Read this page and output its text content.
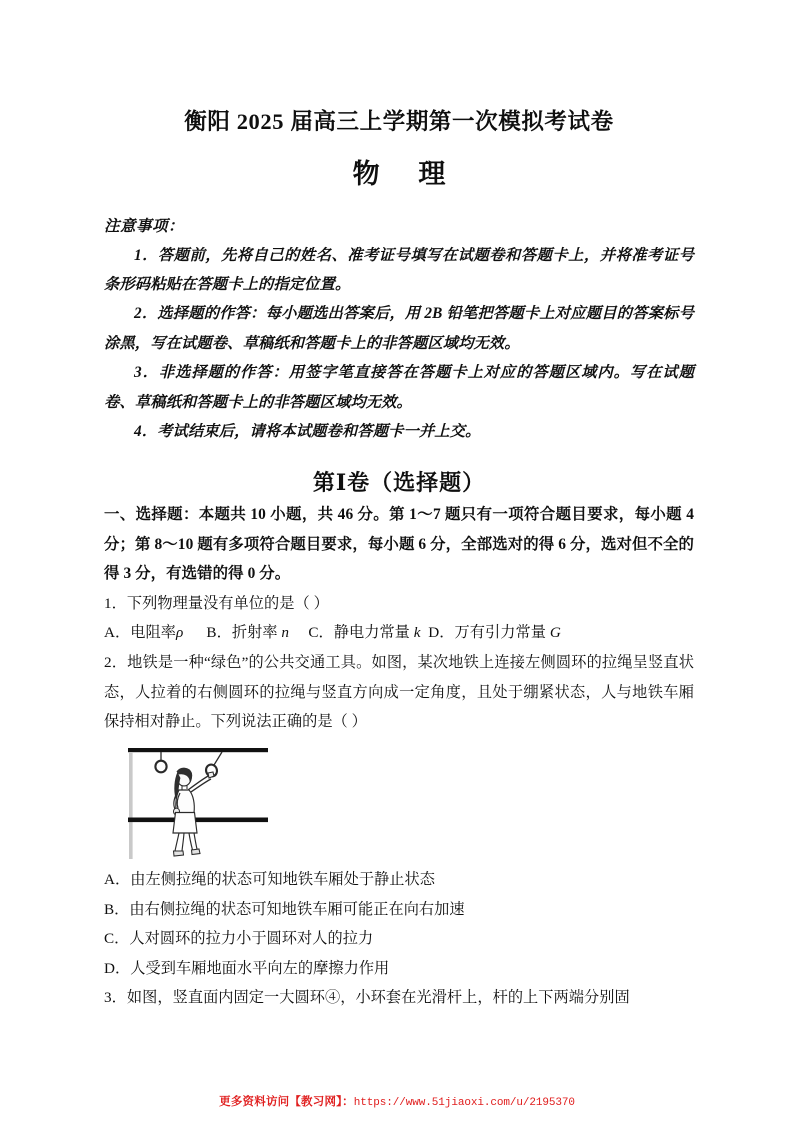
衡阳 2025 届高三上学期第一次模拟考试卷
物 理

注意事项：

1．答题前，先将自己的姓名、准考证号填写在试题卷和答题卡上，并将准考证号条形码粘贴在答题卡上的指定位置。

2．选择题的作答：每小题选出答案后，用 2B 铅笔把答题卡上对应题目的答案标号涂黑，写在试题卷、草稿纸和答题卡上的非答题区域均无效。

3．非选择题的作答：用签字笔直接答在答题卡上对应的答题区域内。写在试题卷、草稿纸和答题卡上的非答题区域均无效。

4．考试结束后，请将本试题卷和答题卡一并上交。

第Ⅰ卷（选择题）

一、选择题：本题共 10 小题，共 46 分。第 1～7 题只有一项符合题目要求，每小题 4 分；第 8～10 题有多项符合题目要求，每小题 6 分，全部选对的得 6 分，选对但不全的得 3 分，有选错的得 0 分。

1．下列物理量没有单位的是（ ）

A．电阻率ρ B．折射率 n C．静电力常量 k D．万有引力常量 G

2．地铁是一种“绿色”的公共交通工具。如图，某次地铁上连接左侧圆环的拉绳呈竖直状态，人拉着的右侧圆环的拉绳与竖直方向成一定角度，且处于绷紧状态，人与地铁车厢保持相对静止。下列说法正确的是（ ）

A．由左侧拉绳的状态可知地铁车厢处于静止状态

B．由右侧拉绳的状态可知地铁车厢可能正在向右加速

C．人对圆环的拉力小于圆环对人的拉力

D．人受到车厢地面水平向左的摩擦力作用

3．如图，竖直面内固定一大圆环④，小环套在光滑杆上，杆的上下两端分别固

更多资料访问【教习网】：https://www.51jiaoxi.com/u/2195370
